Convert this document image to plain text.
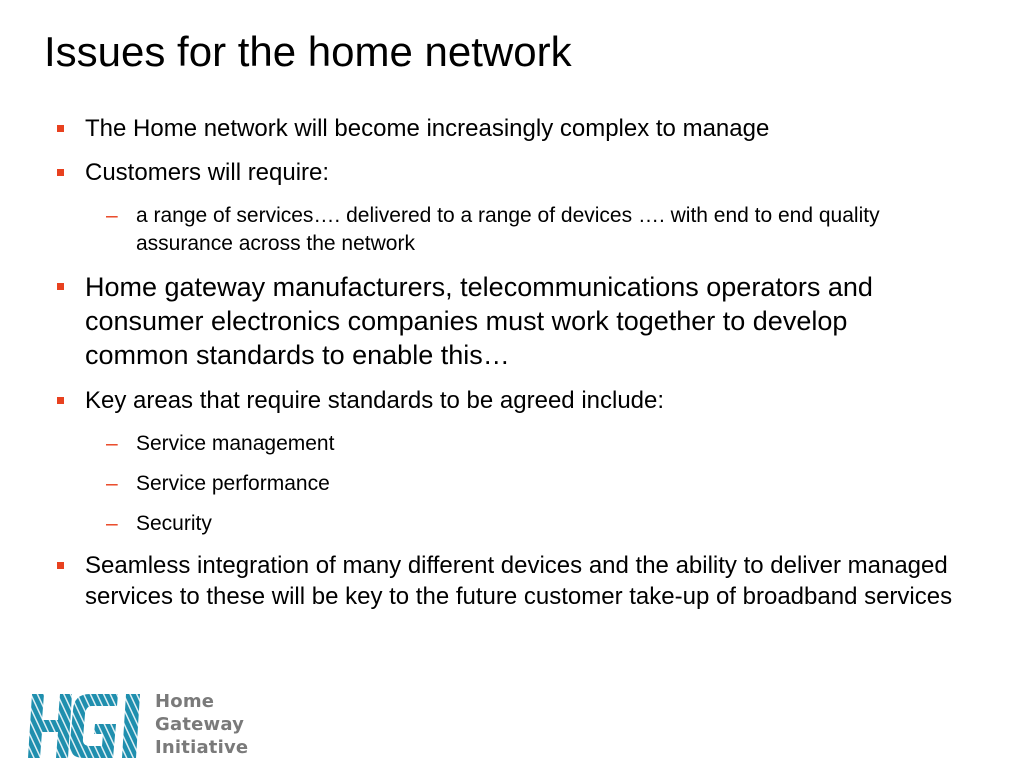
Issues for the home network
The Home network will become increasingly complex to manage
Customers will require:
– a range of services…. delivered to a range of devices …. with end to end quality assurance across the network
Home gateway manufacturers, telecommunications operators and consumer electronics companies must work together to develop common standards to enable this…
Key areas that require standards to be agreed include:
– Service management
– Service performance
– Security
Seamless integration of many different devices and the ability to deliver managed services to these will be key to the future customer take-up of broadband services
Home
Gateway
Initiative
